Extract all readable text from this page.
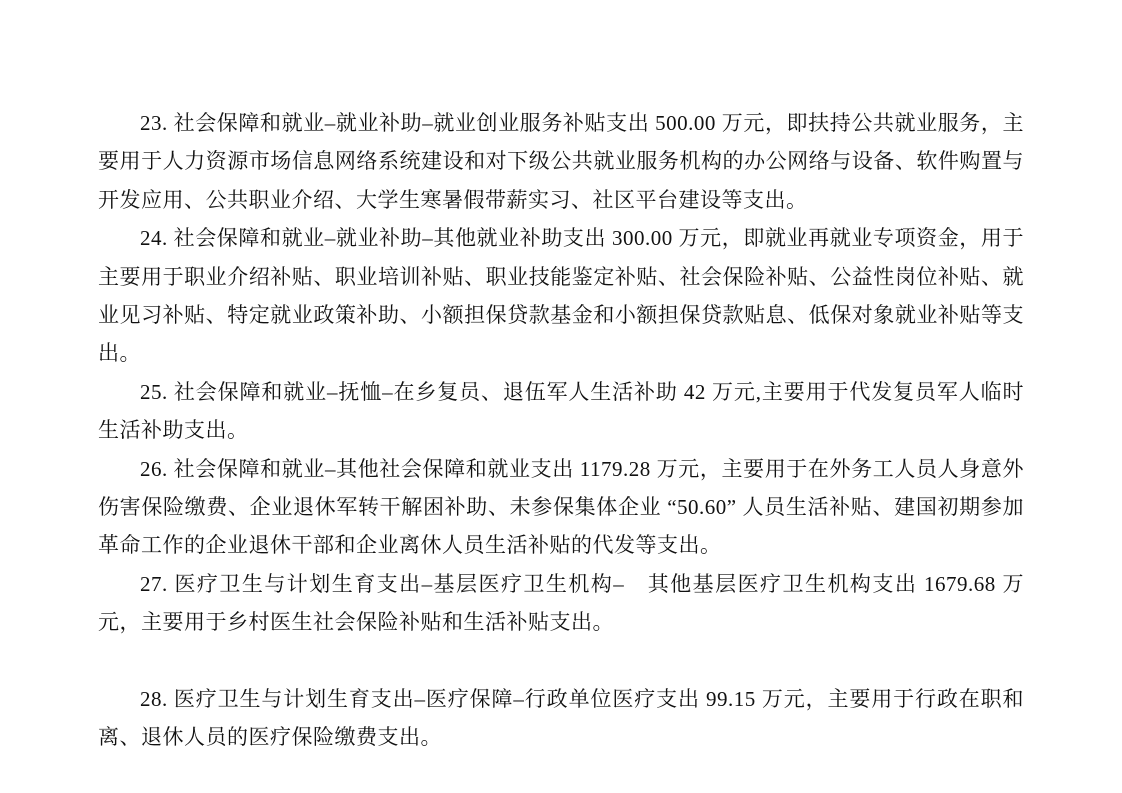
23. 社会保障和就业–就业补助–就业创业服务补贴支出 500.00 万元，即扶持公共就业服务，主要用于人力资源市场信息网络系统建设和对下级公共就业服务机构的办公网络与设备、软件购置与开发应用、公共职业介绍、大学生寒暑假带薪实习、社区平台建设等支出。

24. 社会保障和就业–就业补助–其他就业补助支出 300.00 万元，即就业再就业专项资金，用于主要用于职业介绍补贴、职业培训补贴、职业技能鉴定补贴、社会保险补贴、公益性岗位补贴、就业见习补贴、特定就业政策补助、小额担保贷款基金和小额担保贷款贴息、低保对象就业补贴等支出。

25. 社会保障和就业–抚恤–在乡复员、退伍军人生活补助 42 万元,主要用于代发复员军人临时生活补助支出。

26. 社会保障和就业–其他社会保障和就业支出 1179.28 万元，主要用于在外务工人员人身意外伤害保险缴费、企业退休军转干解困补助、未参保集体企业 “50.60” 人员生活补贴、建国初期参加革命工作的企业退休干部和企业离休人员生活补贴的代发等支出。

27. 医疗卫生与计划生育支出–基层医疗卫生机构–　其他基层医疗卫生机构支出 1679.68 万元，主要用于乡村医生社会保险补贴和生活补贴支出。

28. 医疗卫生与计划生育支出–医疗保障–行政单位医疗支出 99.15 万元，主要用于行政在职和离、退休人员的医疗保险缴费支出。
